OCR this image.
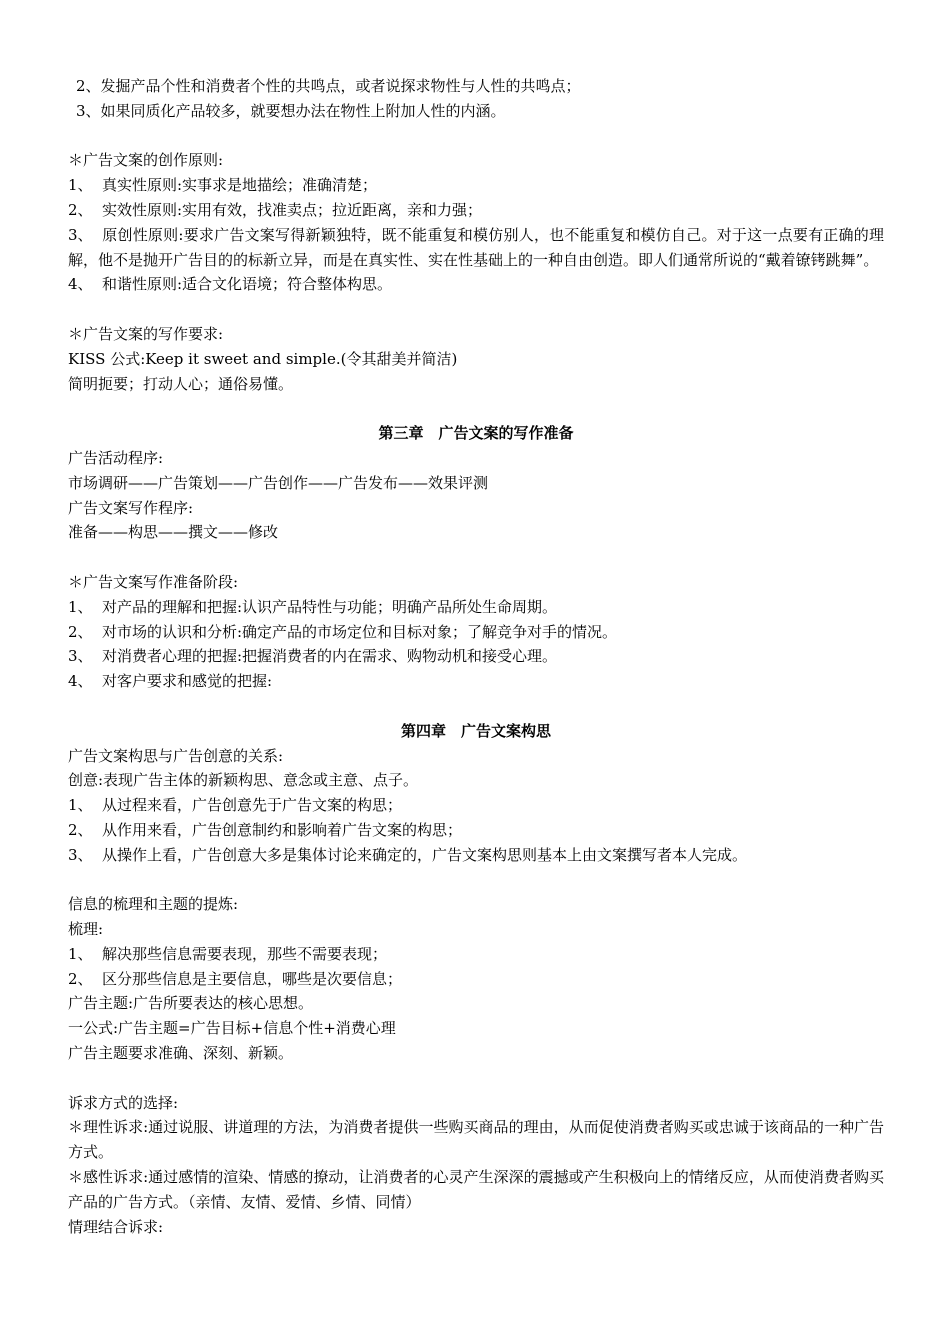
2、发掘产品个性和消费者个性的共鸣点，或者说探求物性与人性的共鸣点；

3、如果同质化产品较多，就要想办法在物性上附加人性的内涵。

＊广告文案的创作原则:

1、 真实性原则:实事求是地描绘；准确清楚；

2、 实效性原则:实用有效，找准卖点；拉近距离，亲和力强；

3、 原创性原则:要求广告文案写得新颖独特，既不能重复和模仿别人，也不能重复和模仿自己。对于这一点要有正确的理解，他不是抛开广告目的的标新立异，而是在真实性、实在性基础上的一种自由创造。即人们通常所说的“戴着镣铐跳舞”。

4、 和谐性原则:适合文化语境；符合整体构思。

＊广告文案的写作要求:

KISS 公式:Keep it sweet and simple.(令其甜美并简洁)

简明扼要；打动人心；通俗易懂。

第三章　广告文案的写作准备

广告活动程序:

市场调研——广告策划——广告创作——广告发布——效果评测

广告文案写作程序:

准备——构思——撰文——修改

＊广告文案写作准备阶段:

1、 对产品的理解和把握:认识产品特性与功能；明确产品所处生命周期。

2、 对市场的认识和分析:确定产品的市场定位和目标对象；了解竞争对手的情况。

3、 对消费者心理的把握:把握消费者的内在需求、购物动机和接受心理。

4、 对客户要求和感觉的把握:

第四章　广告文案构思

广告文案构思与广告创意的关系:

创意:表现广告主体的新颖构思、意念或主意、点子。

1、 从过程来看，广告创意先于广告文案的构思；

2、 从作用来看，广告创意制约和影响着广告文案的构思；

3、 从操作上看，广告创意大多是集体讨论来确定的，广告文案构思则基本上由文案撰写者本人完成。

信息的梳理和主题的提炼:

梳理:

1、 解决那些信息需要表现，那些不需要表现；

2、 区分那些信息是主要信息，哪些是次要信息；

广告主题:广告所要表达的核心思想。

一公式:广告主题=广告目标+信息个性+消费心理

广告主题要求准确、深刻、新颖。

诉求方式的选择:

＊理性诉求:通过说服、讲道理的方法，为消费者提供一些购买商品的理由，从而促使消费者购买或忠诚于该商品的一种广告方式。

＊感性诉求:通过感情的渲染、情感的撩动，让消费者的心灵产生深深的震撼或产生积极向上的情绪反应，从而使消费者购买产品的广告方式。（亲情、友情、爱情、乡情、同情）

情理结合诉求:
